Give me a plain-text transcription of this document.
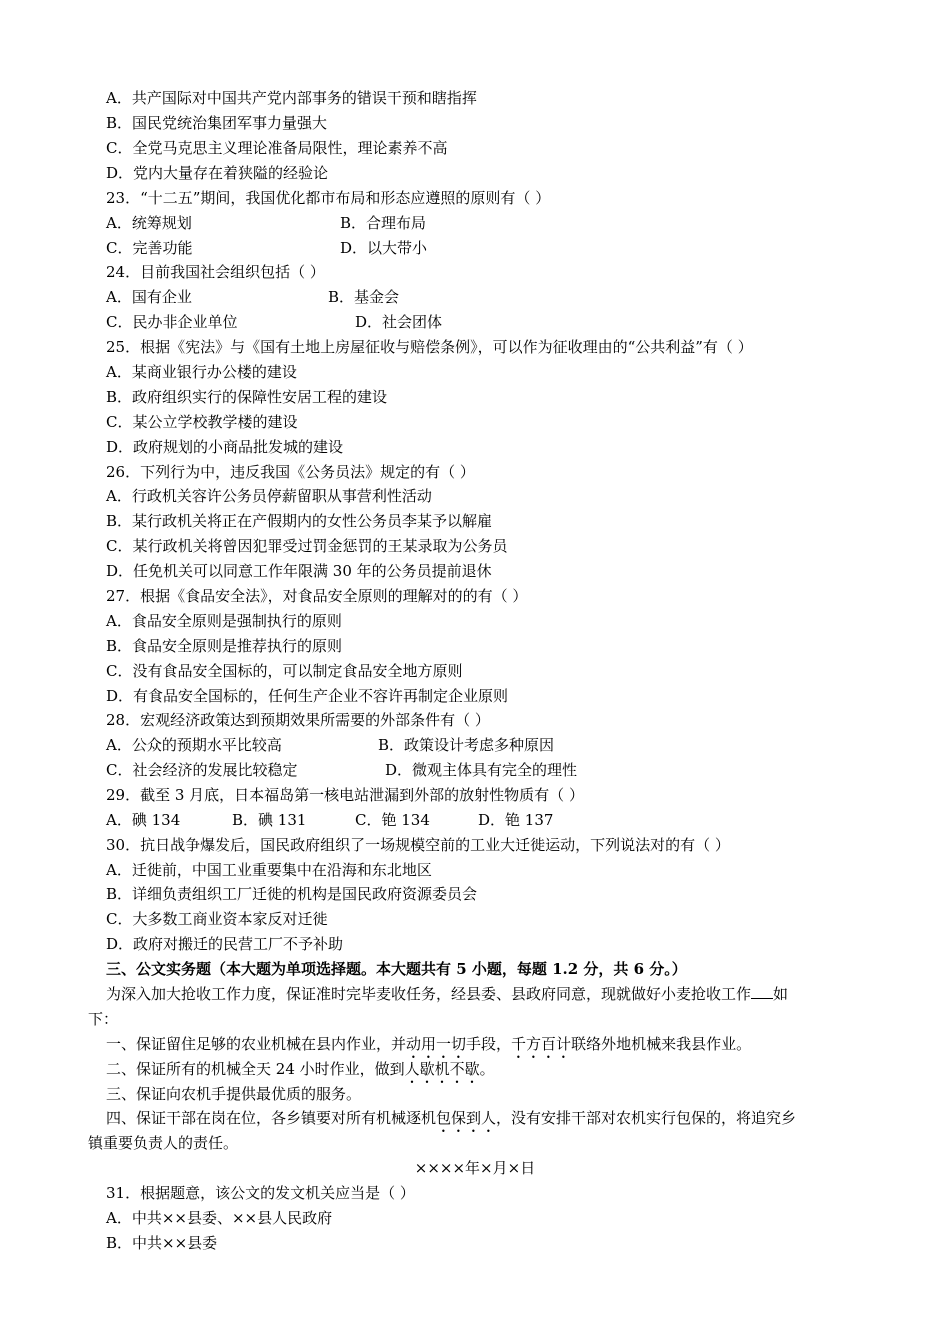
A．共产国际对中国共产党内部事务的错误干预和瞎指挥
B．国民党统治集团军事力量强大
C．全党马克思主义理论准备局限性，理论素养不高
D．党内大量存在着狭隘的经验论
23．“十二五”期间，我国优化都市布局和形态应遵照的原则有（ ）
A．统筹规划	B．合理布局
C．完善功能	D．以大带小
24．目前我国社会组织包括（ ）
A．国有企业	B．基金会
C．民办非企业单位	D．社会团体
25．根据《宪法》与《国有土地上房屋征收与赔偿条例》，可以作为征收理由的“公共利益”有（ ）
A．某商业银行办公楼的建设
B．政府组织实行的保障性安居工程的建设
C．某公立学校教学楼的建设
D．政府规划的小商品批发城的建设
26．下列行为中，违反我国《公务员法》规定的有（ ）
A．行政机关容许公务员停薪留职从事营利性活动
B．某行政机关将正在产假期内的女性公务员李某予以解雇
C．某行政机关将曾因犯罪受过罚金惩罚的王某录取为公务员
D．任免机关可以同意工作年限满 30 年的公务员提前退休
27．根据《食品安全法》，对食品安全原则的理解对的的有（ ）
A．食品安全原则是强制执行的原则
B．食品安全原则是推荐执行的原则
C．没有食品安全国标的，可以制定食品安全地方原则
D．有食品安全国标的，任何生产企业不容许再制定企业原则
28．宏观经济政策达到预期效果所需要的外部条件有（ ）
A．公众的预期水平比较高	B．政策设计考虑多种原因
C．社会经济的发展比较稳定	D．微观主体具有完全的理性
29．截至 3 月底，日本福岛第一核电站泄漏到外部的放射性物质有（ ）
A．碘 134	B．碘 131	C．铯 134	D．铯 137
30．抗日战争爆发后，国民政府组织了一场规模空前的工业大迁徙运动，下列说法对的有（ ）
A．迁徙前，中国工业重要集中在沿海和东北地区
B．详细负责组织工厂迁徙的机构是国民政府资源委员会
C．大多数工商业资本家反对迁徙
D．政府对搬迁的民营工厂不予补助
三、公文实务题（本大题为单项选择题。本大题共有 5 小题，每题 1.2 分，共 6 分。）
为深入加大抢收工作力度，保证准时完毕麦收任务，经县委、县政府同意，现就做好小麦抢收工作 如
下：
一、保证留住足够的农业机械在县内作业，并动用一切手段，千方百计联络外地机械来我县作业。
二、保证所有的机械全天 24 小时作业，做到人歇机不歇。
三、保证向农机手提供最优质的服务。
四、保证干部在岗在位，各乡镇要对所有机械逐机包保到人，没有安排干部对农机实行包保的，将追究乡
镇重要负责人的责任。
××××年×月×日
31．根据题意，该公文的发文机关应当是（ ）
A．中共××县委、××县人民政府
B．中共××县委
